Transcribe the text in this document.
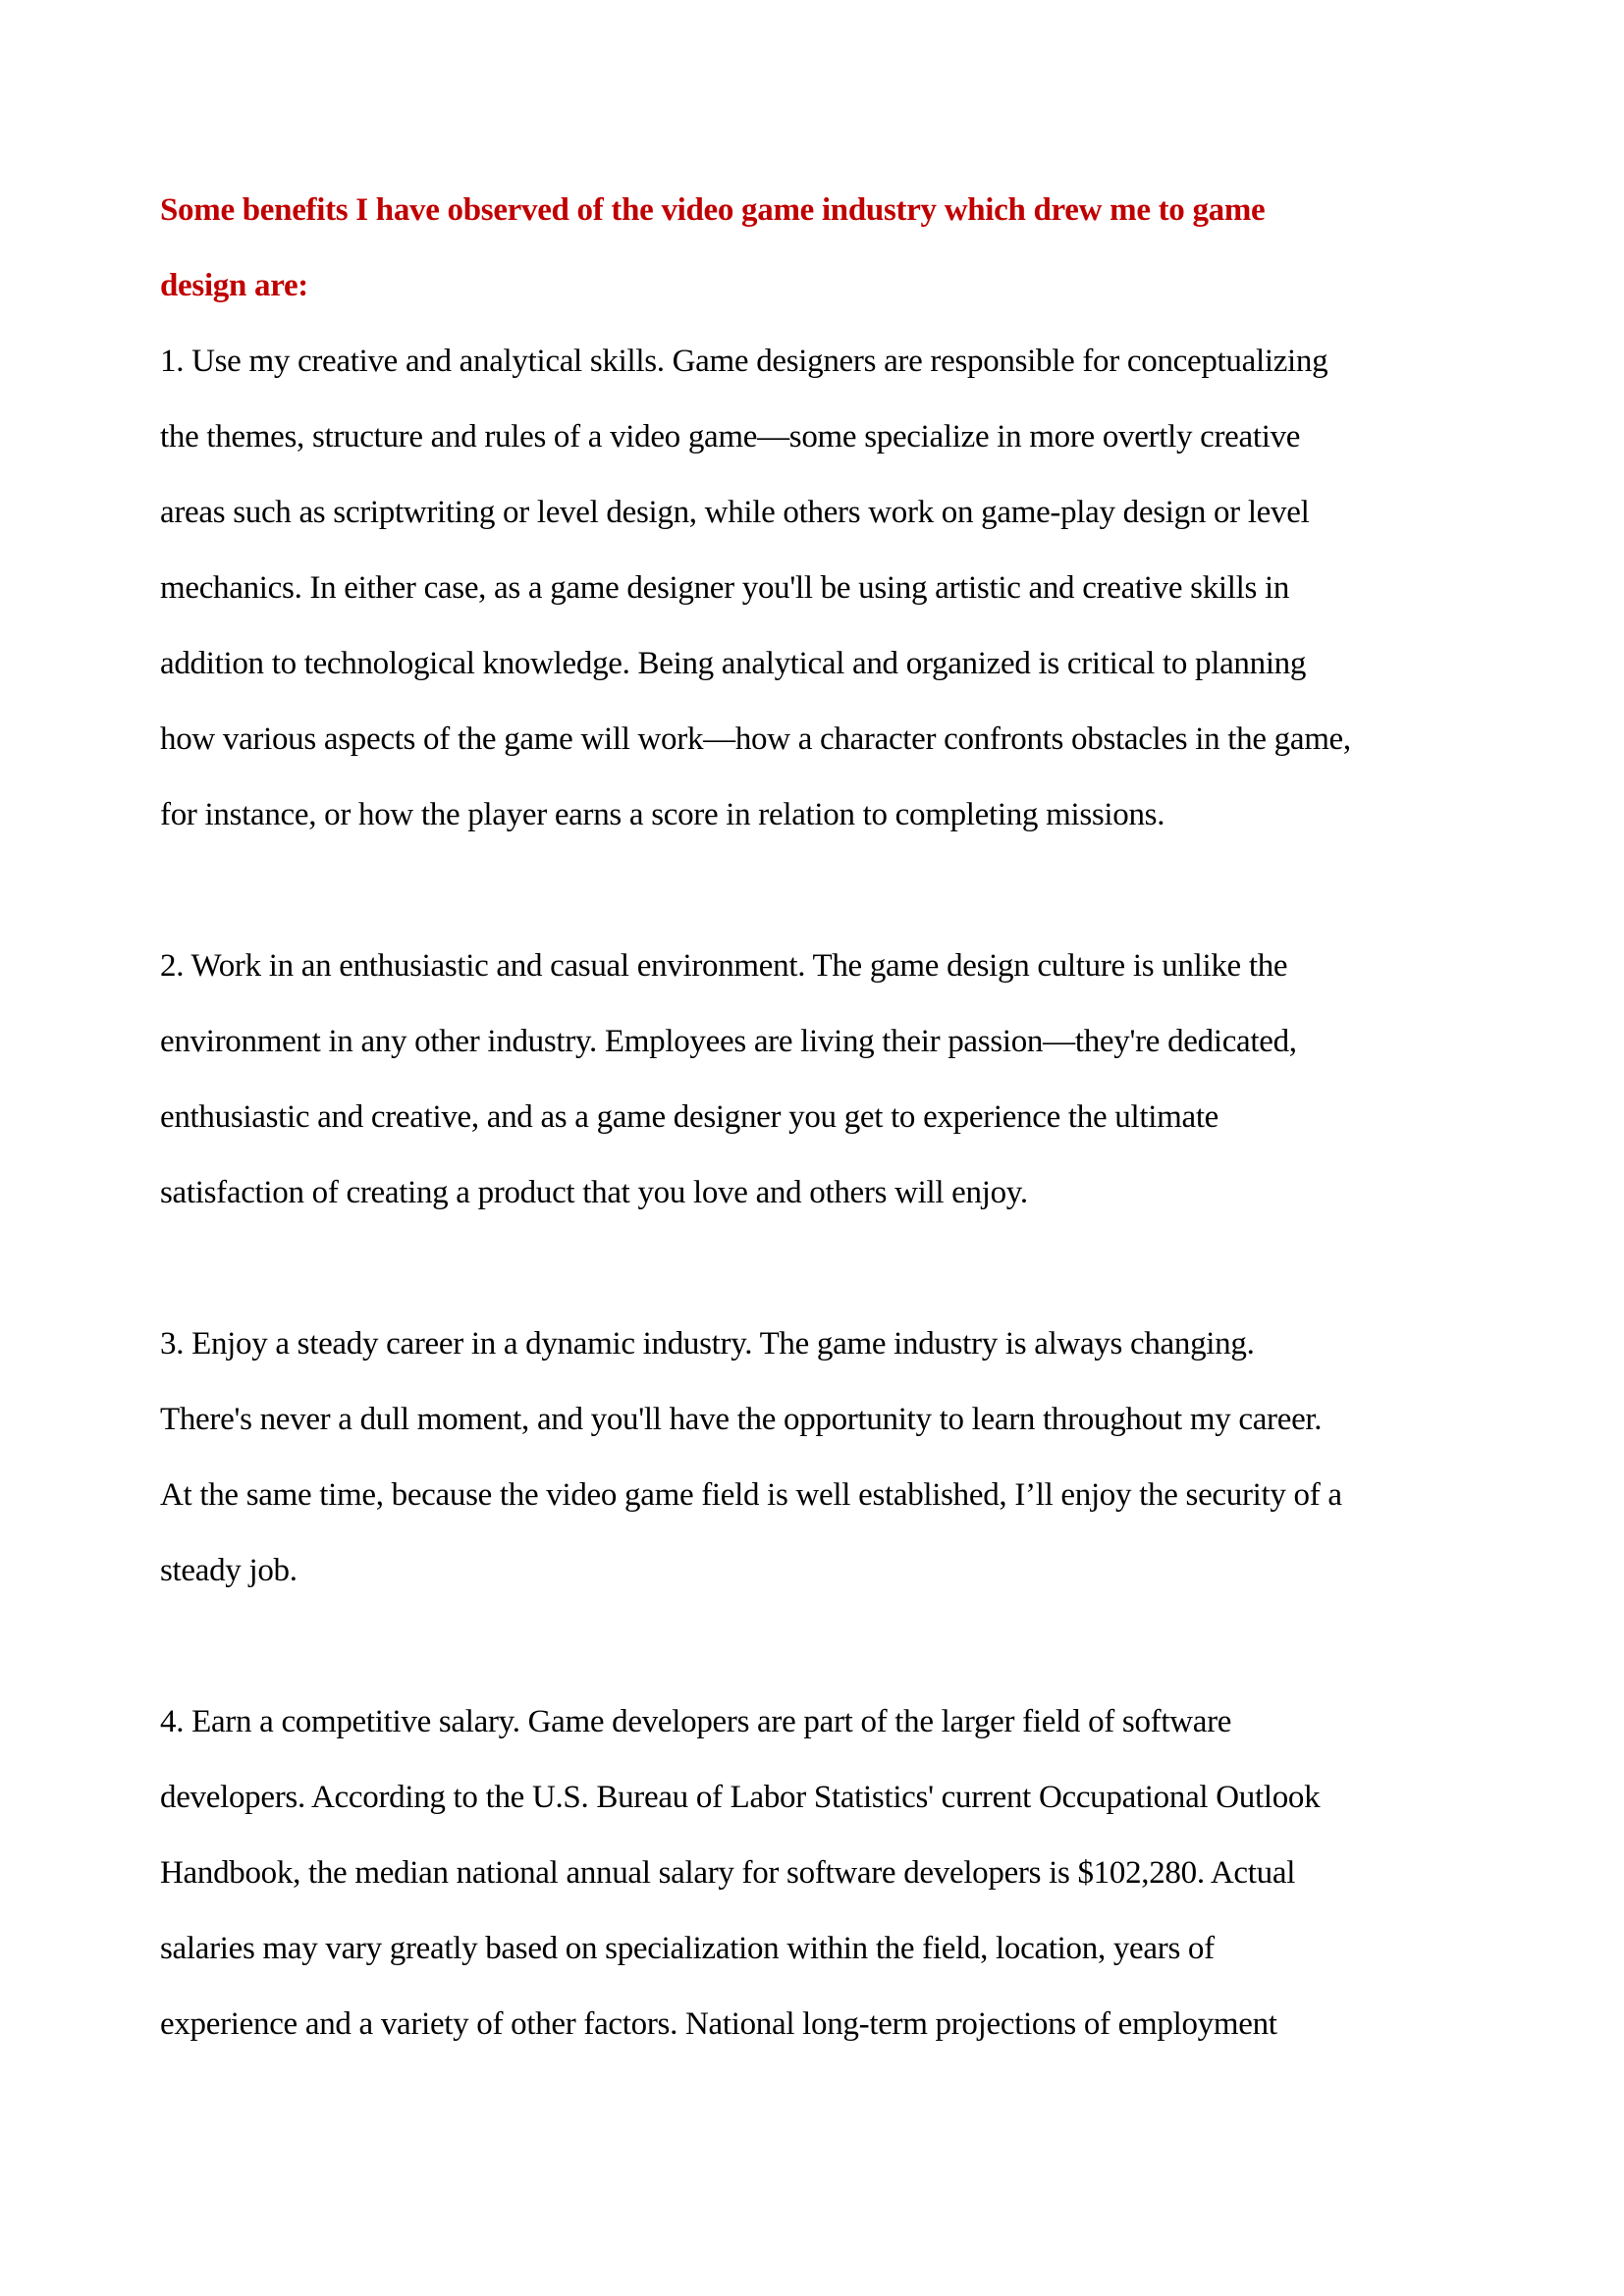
Some benefits I have observed of the video game industry which drew me to game
design are:

1. Use my creative and analytical skills. Game designers are responsible for conceptualizing
the themes, structure and rules of a video game—some specialize in more overtly creative
areas such as scriptwriting or level design, while others work on game-play design or level
mechanics. In either case, as a game designer you'll be using artistic and creative skills in
addition to technological knowledge. Being analytical and organized is critical to planning
how various aspects of the game will work—how a character confronts obstacles in the game,
for instance, or how the player earns a score in relation to completing missions.

2. Work in an enthusiastic and casual environment. The game design culture is unlike the
environment in any other industry. Employees are living their passion—they're dedicated,
enthusiastic and creative, and as a game designer you get to experience the ultimate
satisfaction of creating a product that you love and others will enjoy.

3. Enjoy a steady career in a dynamic industry. The game industry is always changing.
There's never a dull moment, and you'll have the opportunity to learn throughout my career.
At the same time, because the video game field is well established, I’ll enjoy the security of a
steady job.

4. Earn a competitive salary. Game developers are part of the larger field of software
developers. According to the U.S. Bureau of Labor Statistics' current Occupational Outlook
Handbook, the median national annual salary for software developers is $102,280. Actual
salaries may vary greatly based on specialization within the field, location, years of
experience and a variety of other factors. National long-term projections of employment
